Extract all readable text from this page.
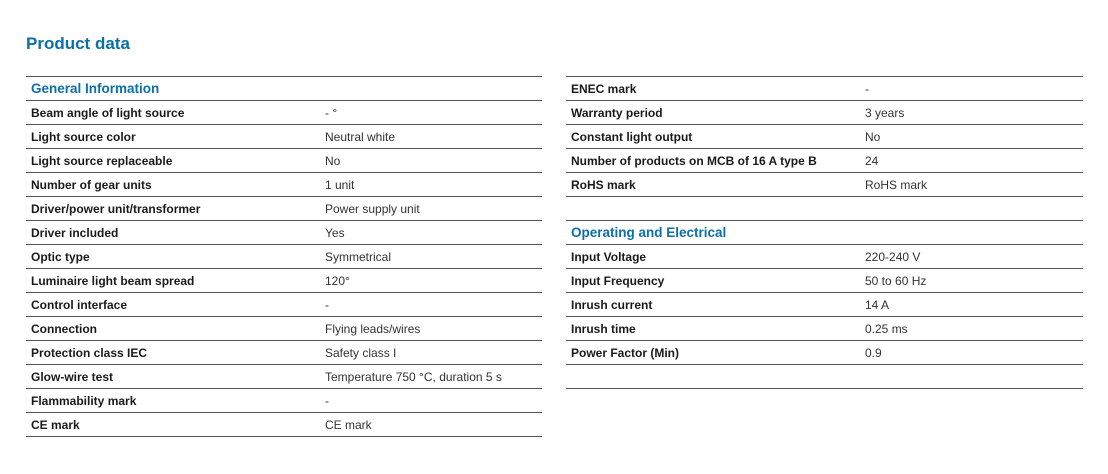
Product data
General Information
Beam angle of light source	- °
Light source color	Neutral white
Light source replaceable	No
Number of gear units	1 unit
Driver/power unit/transformer	Power supply unit
Driver included	Yes
Optic type	Symmetrical
Luminaire light beam spread	120°
Control interface	-
Connection	Flying leads/wires
Protection class IEC	Safety class I
Glow-wire test	Temperature 750 °C, duration 5 s
Flammability mark	-
CE mark	CE mark
ENEC mark	-
Warranty period	3 years
Constant light output	No
Number of products on MCB of 16 A type B	24
RoHS mark	RoHS mark
Operating and Electrical
Input Voltage	220-240 V
Input Frequency	50 to 60 Hz
Inrush current	14 A
Inrush time	0.25 ms
Power Factor (Min)	0.9
